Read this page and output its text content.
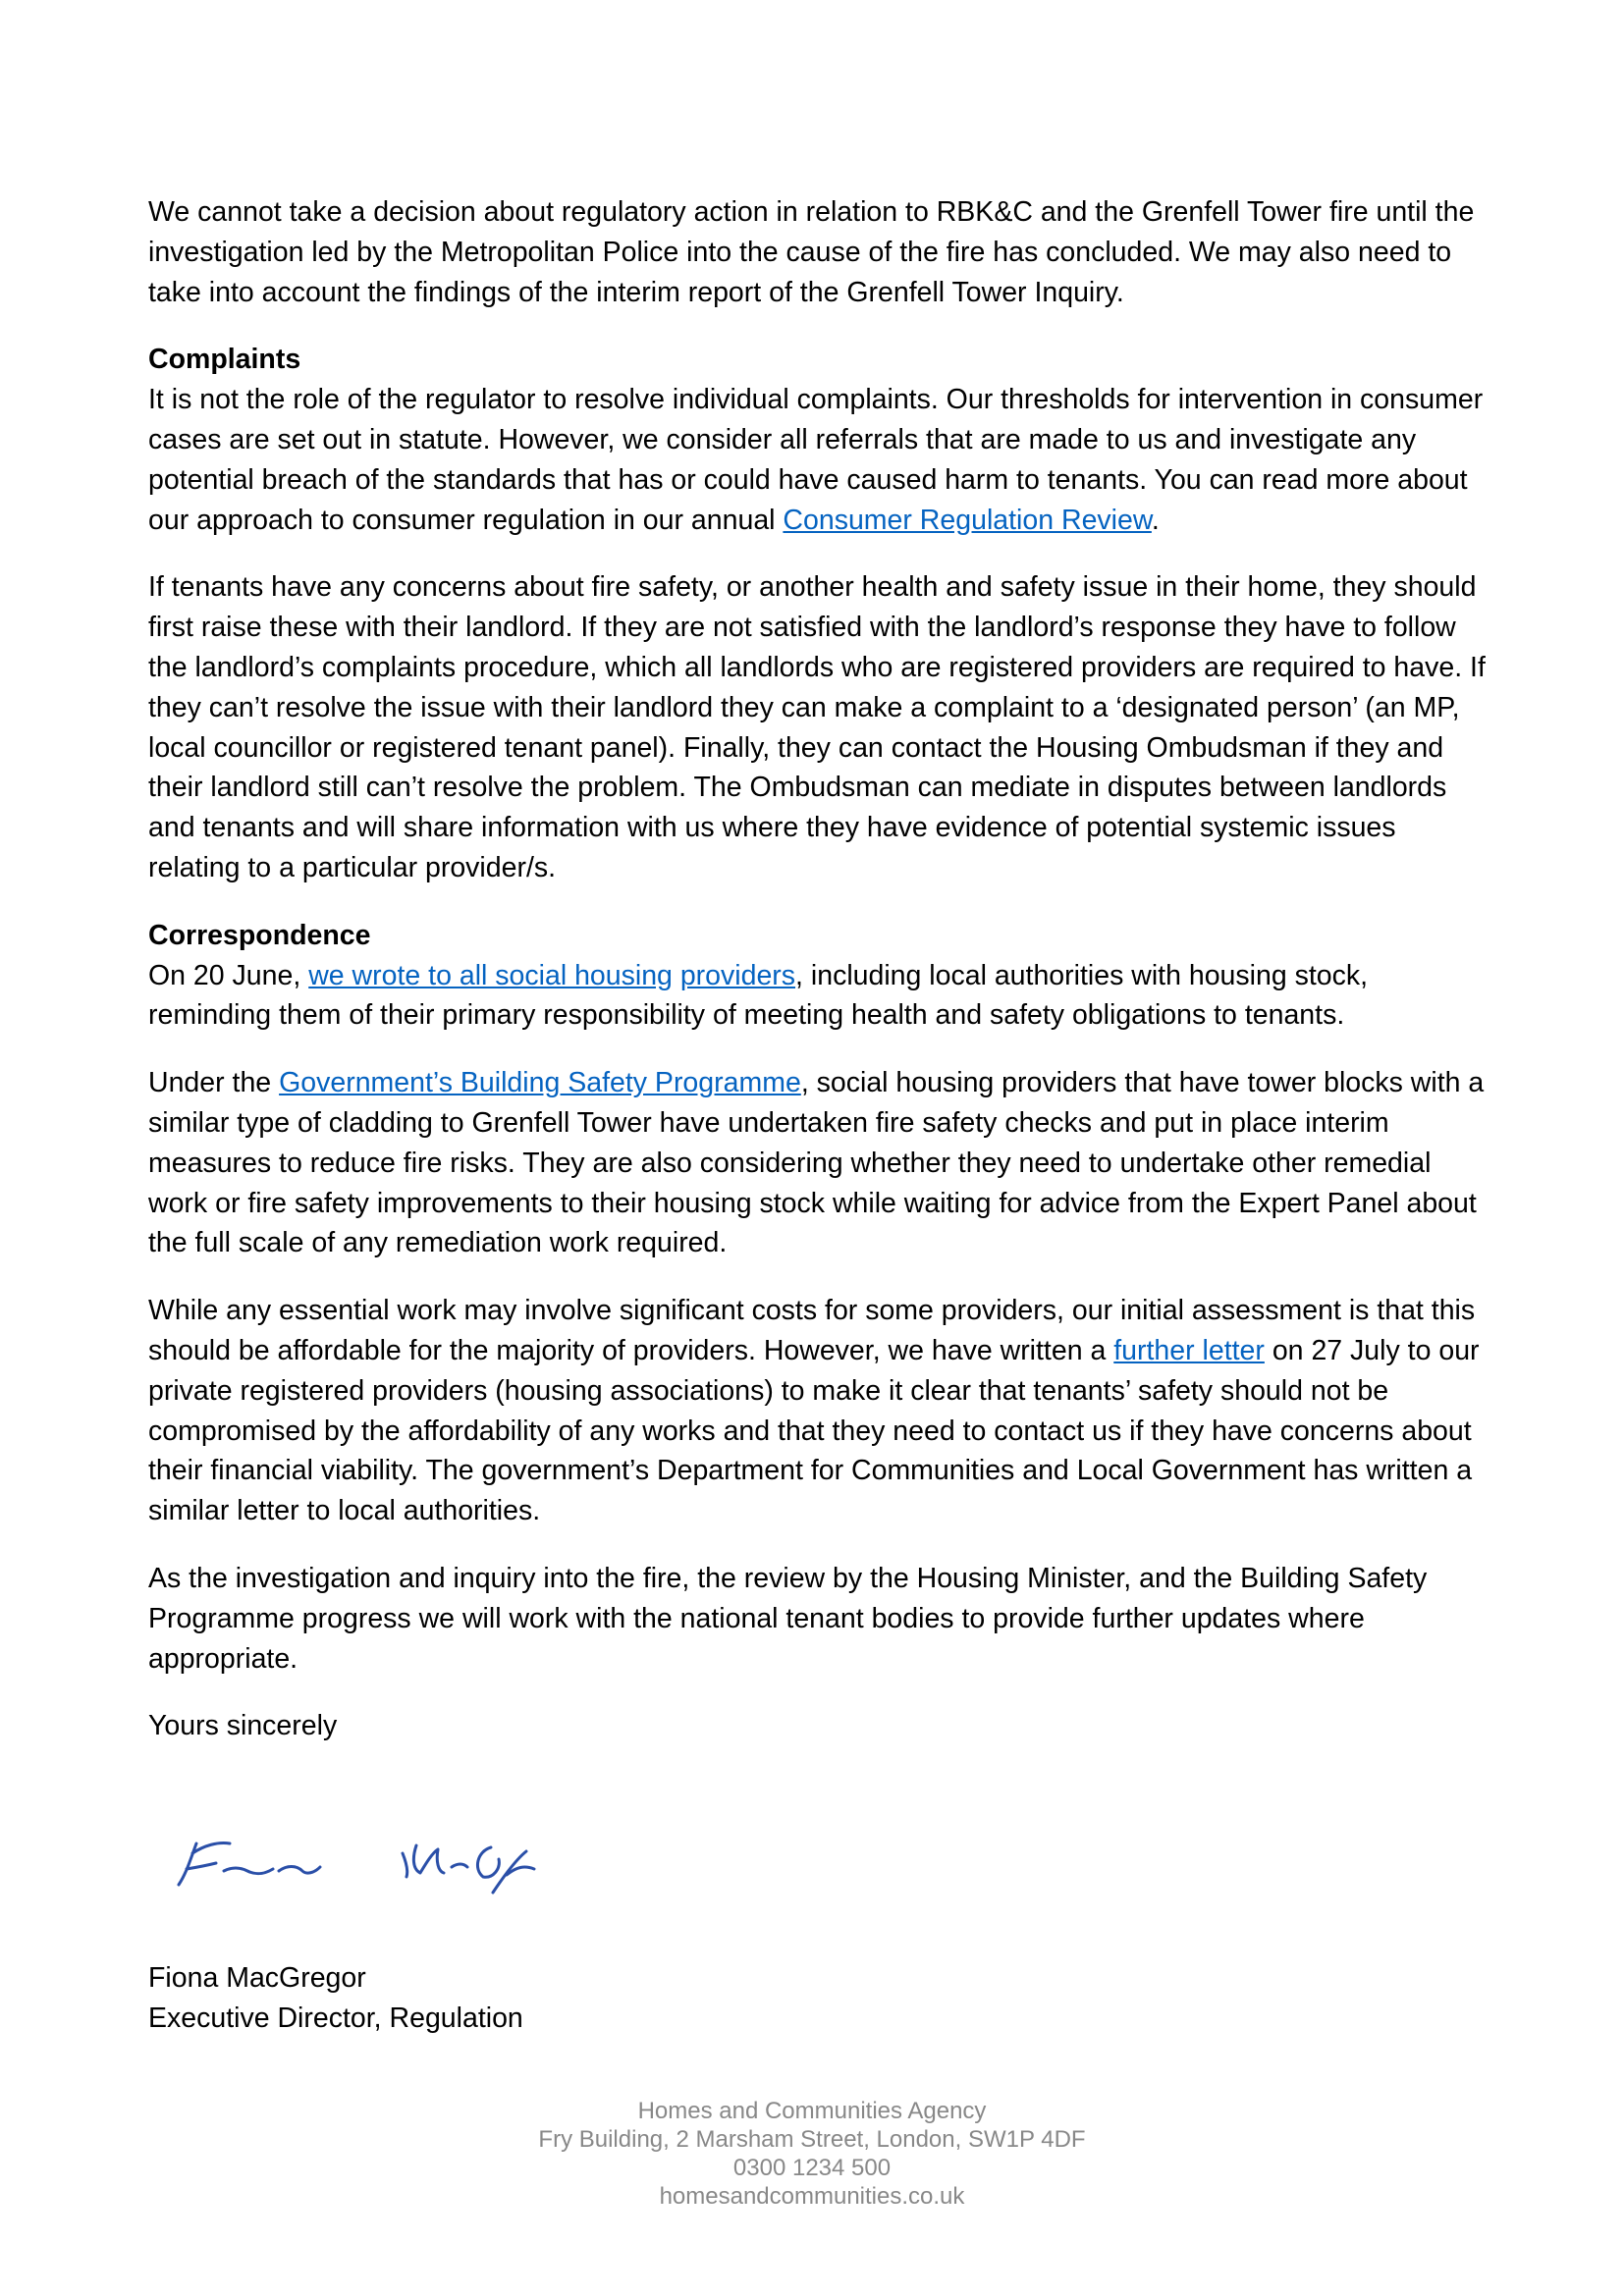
We cannot take a decision about regulatory action in relation to RBK&C and the Grenfell Tower fire until the investigation led by the Metropolitan Police into the cause of the fire has concluded. We may also need to take into account the findings of the interim report of the Grenfell Tower Inquiry.

Complaints

It is not the role of the regulator to resolve individual complaints. Our thresholds for intervention in consumer cases are set out in statute. However, we consider all referrals that are made to us and investigate any potential breach of the standards that has or could have caused harm to tenants. You can read more about our approach to consumer regulation in our annual Consumer Regulation Review.

If tenants have any concerns about fire safety, or another health and safety issue in their home, they should first raise these with their landlord. If they are not satisfied with the landlord’s response they have to follow the landlord’s complaints procedure, which all landlords who are registered providers are required to have. If they can’t resolve the issue with their landlord they can make a complaint to a ‘designated person’ (an MP, local councillor or registered tenant panel). Finally, they can contact the Housing Ombudsman if they and their landlord still can’t resolve the problem. The Ombudsman can mediate in disputes between landlords and tenants and will share information with us where they have evidence of potential systemic issues relating to a particular provider/s.

Correspondence

On 20 June, we wrote to all social housing providers, including local authorities with housing stock, reminding them of their primary responsibility of meeting health and safety obligations to tenants.

Under the Government’s Building Safety Programme, social housing providers that have tower blocks with a similar type of cladding to Grenfell Tower have undertaken fire safety checks and put in place interim measures to reduce fire risks. They are also considering whether they need to undertake other remedial work or fire safety improvements to their housing stock while waiting for advice from the Expert Panel about the full scale of any remediation work required.

While any essential work may involve significant costs for some providers, our initial assessment is that this should be affordable for the majority of providers. However, we have written a further letter on 27 July to our private registered providers (housing associations) to make it clear that tenants’ safety should not be compromised by the affordability of any works and that they need to contact us if they have concerns about their financial viability. The government’s Department for Communities and Local Government has written a similar letter to local authorities.

As the investigation and inquiry into the fire, the review by the Housing Minister, and the Building Safety Programme progress we will work with the national tenant bodies to provide further updates where appropriate.

Yours sincerely

Fiona MacGregor
Executive Director, Regulation
Homes and Communities Agency
Fry Building, 2 Marsham Street, London, SW1P 4DF
0300 1234 500
homesandcommunities.co.uk
